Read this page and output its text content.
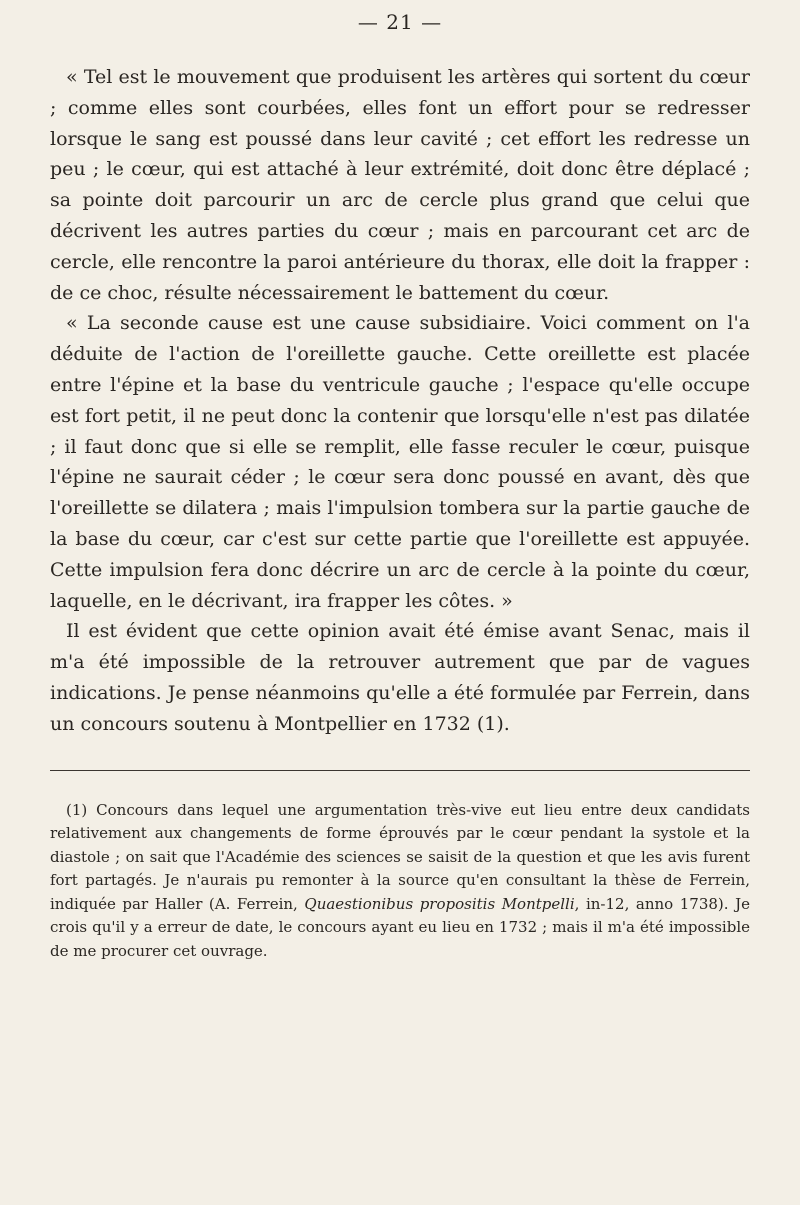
— 21 —

« Tel est le mouvement que produisent les artères qui sortent du cœur ; comme elles sont courbées, elles font un effort pour se redresser lorsque le sang est poussé dans leur cavité ; cet effort les redresse un peu ; le cœur, qui est attaché à leur extrémité, doit donc être déplacé ; sa pointe doit parcourir un arc de cercle plus grand que celui que décrivent les autres parties du cœur ; mais en parcourant cet arc de cercle, elle rencontre la paroi antérieure du thorax, elle doit la frapper : de ce choc, résulte nécessairement le battement du cœur.

« La seconde cause est une cause subsidiaire. Voici comment on l'a déduite de l'action de l'oreillette gauche. Cette oreillette est placée entre l'épine et la base du ventricule gauche ; l'espace qu'elle occupe est fort petit, il ne peut donc la contenir que lorsqu'elle n'est pas dilatée ; il faut donc que si elle se remplit, elle fasse reculer le cœur, puisque l'épine ne saurait céder ; le cœur sera donc poussé en avant, dès que l'oreillette se dilatera ; mais l'impulsion tombera sur la partie gauche de la base du cœur, car c'est sur cette partie que l'oreillette est appuyée. Cette impulsion fera donc décrire un arc de cercle à la pointe du cœur, laquelle, en le décrivant, ira frapper les côtes. »

Il est évident que cette opinion avait été émise avant Senac, mais il m'a été impossible de la retrouver autrement que par de vagues indications. Je pense néanmoins qu'elle a été formulée par Ferrein, dans un concours soutenu à Montpellier en 1732 (1).

(1) Concours dans lequel une argumentation très-vive eut lieu entre deux candidats relativement aux changements de forme éprouvés par le cœur pendant la systole et la diastole ; on sait que l'Académie des sciences se saisit de la question et que les avis furent fort partagés. Je n'aurais pu remonter à la source qu'en consultant la thèse de Ferrein, indiquée par Haller (A. Ferrein, Quaestionibus propositis Montpelli, in-12, anno 1738). Je crois qu'il y a erreur de date, le concours ayant eu lieu en 1732 ; mais il m'a été impossible de me procurer cet ouvrage.
